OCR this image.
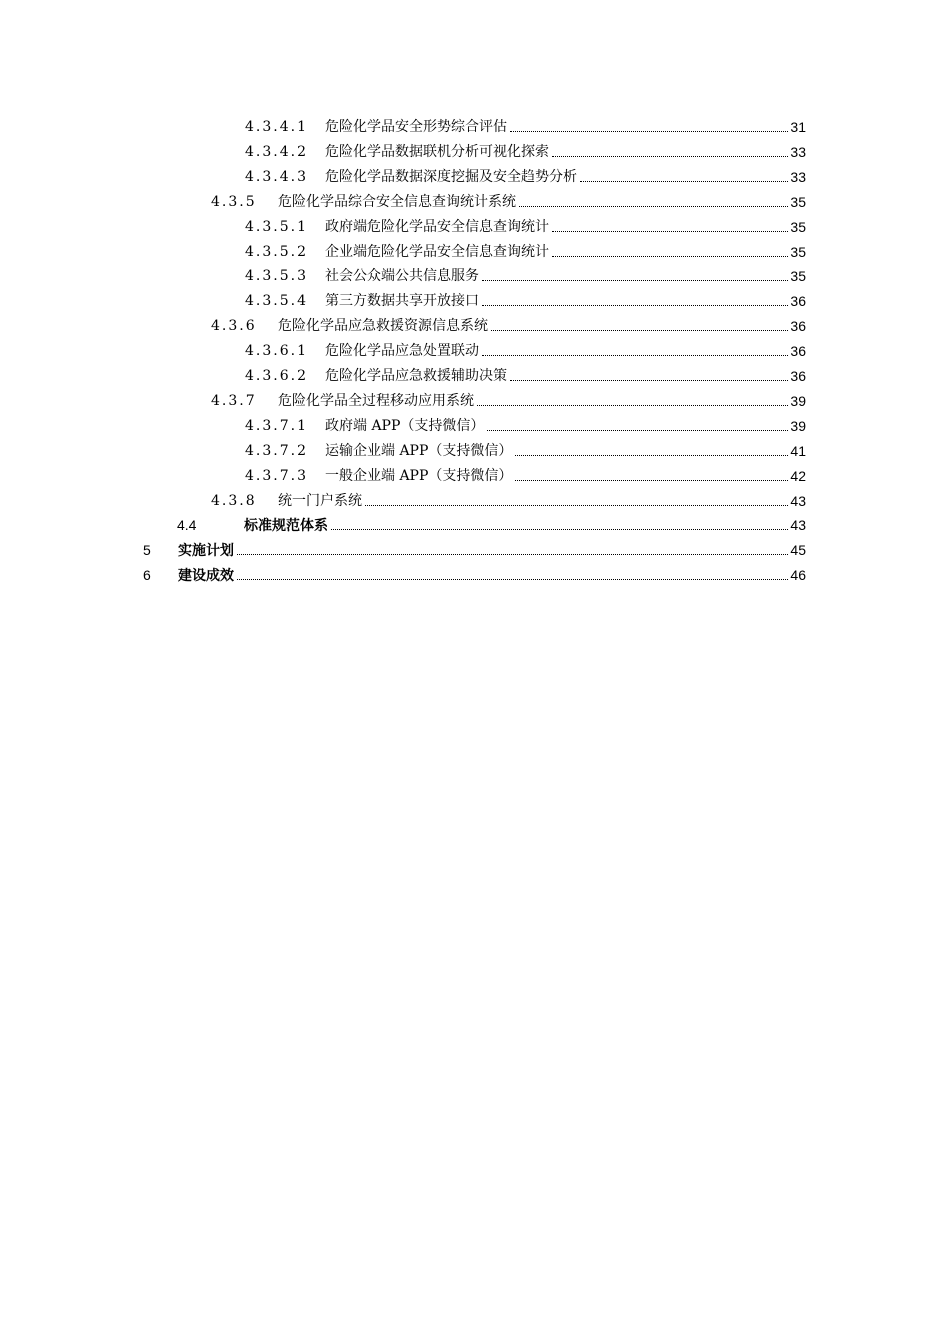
4.3.4.1 危险化学品安全形势综合评估	31
4.3.4.2 危险化学品数据联机分析可视化探索	33
4.3.4.3 危险化学品数据深度挖掘及安全趋势分析	33
4.3.5 危险化学品综合安全信息查询统计系统	35
4.3.5.1 政府端危险化学品安全信息查询统计	35
4.3.5.2 企业端危险化学品安全信息查询统计	35
4.3.5.3 社会公众端公共信息服务	35
4.3.5.4 第三方数据共享开放接口	36
4.3.6 危险化学品应急救援资源信息系统	36
4.3.6.1 危险化学品应急处置联动	36
4.3.6.2 危险化学品应急救援辅助决策	36
4.3.7 危险化学品全过程移动应用系统	39
4.3.7.1 政府端 APP（支持微信）	39
4.3.7.2 运输企业端 APP（支持微信）	41
4.3.7.3 一般企业端 APP（支持微信）	42
4.3.8 统一门户系统	43
4.4	标准规范体系	43
5 实施计划	45
6 建设成效	46
